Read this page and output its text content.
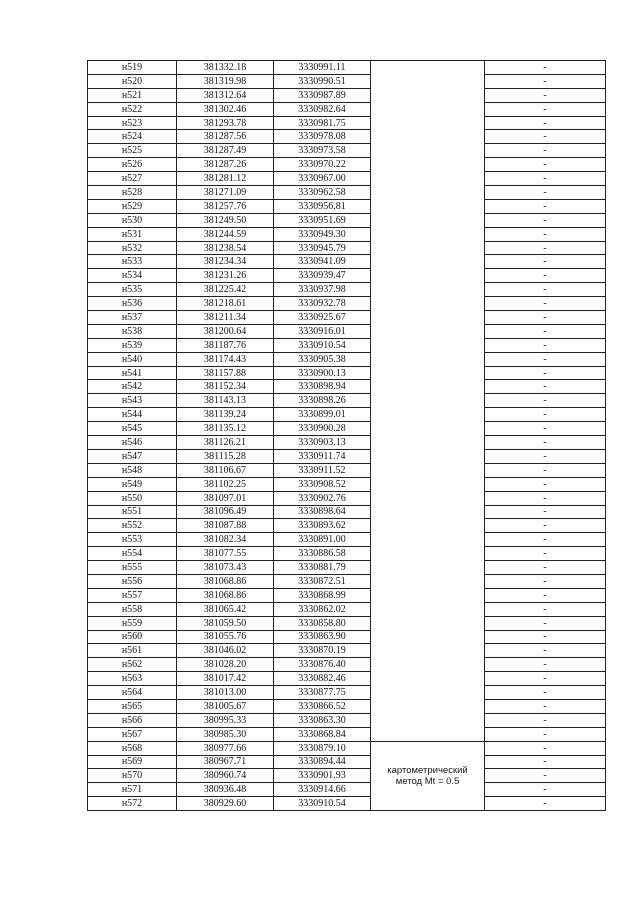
н519	381332.18	3330991.11		-
н520	381319.98	3330990.51		-
н521	381312.64	3330987.89		-
н522	381302.46	3330982.64		-
н523	381293.78	3330981.75		-
н524	381287.56	3330978.08		-
н525	381287.49	3330973.58		-
н526	381287.26	3330970.22		-
н527	381281.12	3330967.00		-
н528	381271.09	3330962.58		-
н529	381257.76	3330956.81		-
н530	381249.50	3330951.69		-
н531	381244.59	3330949.30		-
н532	381238.54	3330945.79		-
н533	381234.34	3330941.09		-
н534	381231.26	3330939.47		-
н535	381225.42	3330937.98		-
н536	381218.61	3330932.78		-
н537	381211.34	3330925.67		-
н538	381200.64	3330916.01		-
н539	381187.76	3330910.54		-
н540	381174.43	3330905.38		-
н541	381157.88	3330900.13		-
н542	381152.34	3330898.94		-
н543	381143.13	3330898.26		-
н544	381139.24	3330899.01		-
н545	381135.12	3330900.28		-
н546	381126.21	3330903.13		-
н547	381115.28	3330911.74		-
н548	381106.67	3330911.52		-
н549	381102.25	3330908.52		-
н550	381097.01	3330902.76		-
н551	381096.49	3330898.64		-
н552	381087.88	3330893.62		-
н553	381082.34	3330891.00		-
н554	381077.55	3330886.58		-
н555	381073.43	3330881.79		-
н556	381068.86	3330872.51		-
н557	381068.86	3330868.99		-
н558	381065.42	3330862.02		-
н559	381059.50	3330858.80		-
н560	381055.76	3330863.90		-
н561	381046.02	3330870.19		-
н562	381028.20	3330876.40		-
н563	381017.42	3330882.46		-
н564	381013.00	3330877.75		-
н565	381005.67	3330866.52		-
н566	380995.33	3330863.30		-
н567	380985.30	3330868.84		-
н568	380977.66	3330879.10	картометрический
метод Mt = 0.5	-
н569	380967.71	3330894.44		-
н570	380960.74	3330901.93		-
н571	380936.48	3330914.66		-
н572	380929.60	3330910.54		-
